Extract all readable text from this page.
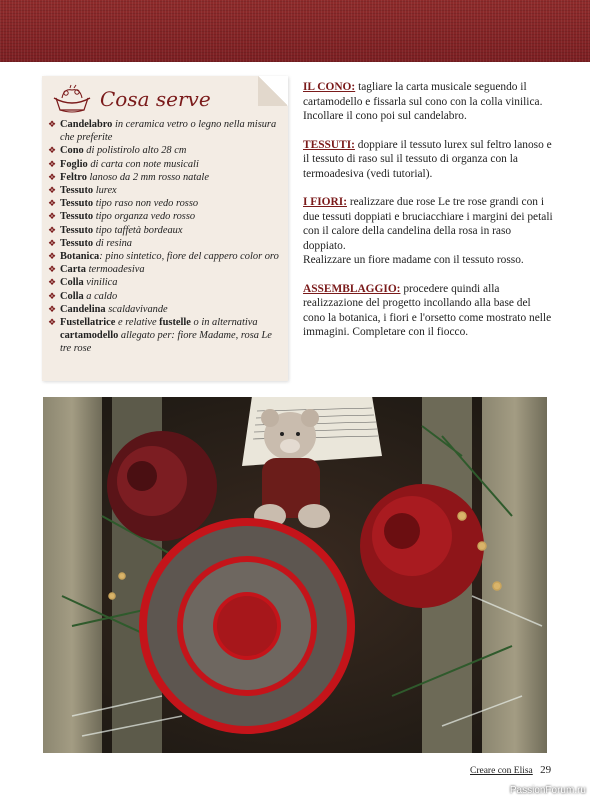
Cosa serve
❖ Candelabro in ceramica vetro o legno nella misura che preferite
❖ Cono di polistirolo alto 28 cm
❖ Foglio di carta con note musicali
❖ Feltro lanoso da 2 mm rosso natale
❖ Tessuto lurex
❖ Tessuto tipo raso non vedo rosso
❖ Tessuto tipo organza vedo rosso
❖ Tessuto tipo taffetà bordeaux
❖ Tessuto di resina
❖ Botanica: pino sintetico, fiore del cappero color oro
❖ Carta termoadesiva
❖ Colla vinilica
❖ Colla a caldo
❖ Candelina scaldavivande
❖ Fustellatrice e relative fustelle o in alternativa cartamodello allegato per: fiore Madame, rosa Le tre rose

IL CONO: tagliare la carta musicale seguendo il cartamodello e fissarla sul cono con la colla vinilica.
Incollare il cono poi sul candelabro.

TESSUTI: doppiare il tessuto lurex sul feltro lanoso e il tessuto di raso sul il tessuto di organza con la termoadesiva (vedi tutorial).

I FIORI: realizzare due rose Le tre rose grandi con i due tessuti doppiati e bruciacchiare i margini dei petali con il calore della candelina della rosa in raso doppiato.
Realizzare un fiore madame con il tessuto rosso.

ASSEMBLAGGIO: procedere quindi alla realizzazione del progetto incollando alla base del cono la botanica, i fiori e l'orsetto come mostrato nelle immagini. Completare con il fiocco.

Creare con Elisa 29
PassionForum.ru
